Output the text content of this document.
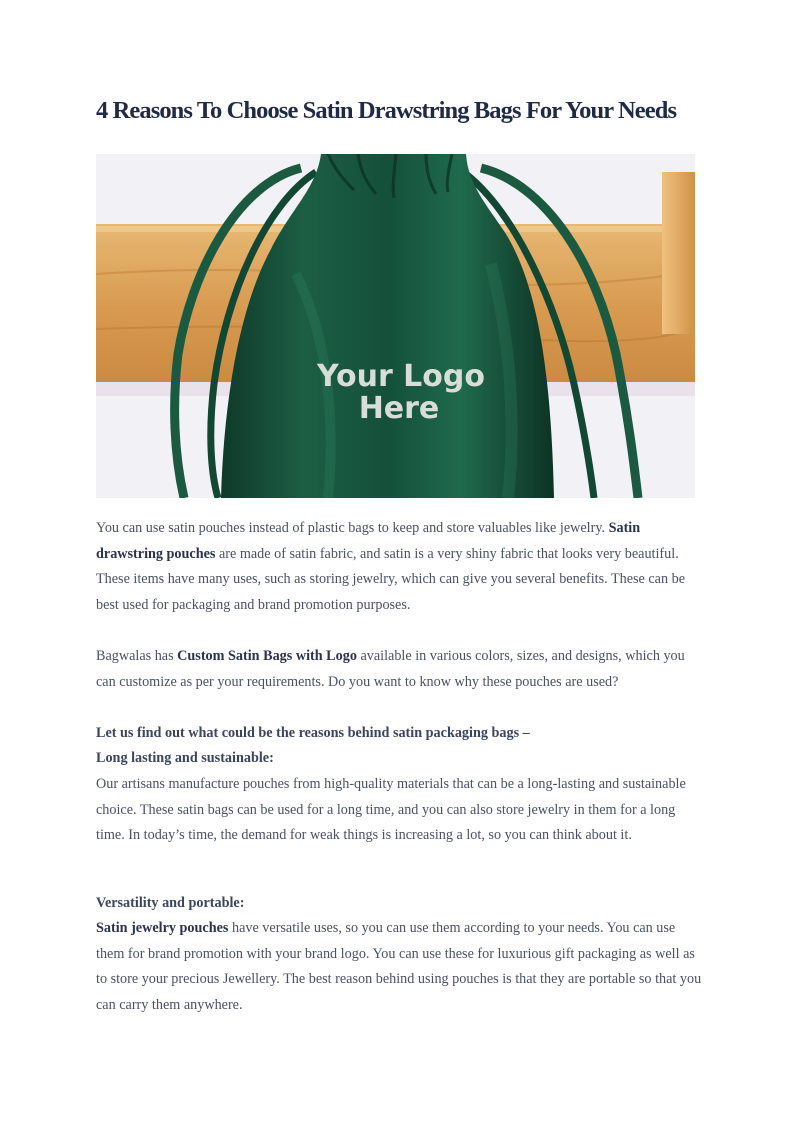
4 Reasons To Choose Satin Drawstring Bags For Your Needs
Your Logo
Here

You can use satin pouches instead of plastic bags to keep and store valuables like jewelry. Satin drawstring pouches are made of satin fabric, and satin is a very shiny fabric that looks very beautiful. These items have many uses, such as storing jewelry, which can give you several benefits. These can be best used for packaging and brand promotion purposes.

Bagwalas has Custom Satin Bags with Logo available in various colors, sizes, and designs, which you can customize as per your requirements. Do you want to know why these pouches are used?

Let us find out what could be the reasons behind satin packaging bags –

Long lasting and sustainable:

Our artisans manufacture pouches from high-quality materials that can be a long-lasting and sustainable choice. These satin bags can be used for a long time, and you can also store jewelry in them for a long time. In today’s time, the demand for weak things is increasing a lot, so you can think about it.

Versatility and portable:

Satin jewelry pouches have versatile uses, so you can use them according to your needs. You can use them for brand promotion with your brand logo. You can use these for luxurious gift packaging as well as to store your precious Jewellery. The best reason behind using pouches is that they are portable so that you can carry them anywhere.
